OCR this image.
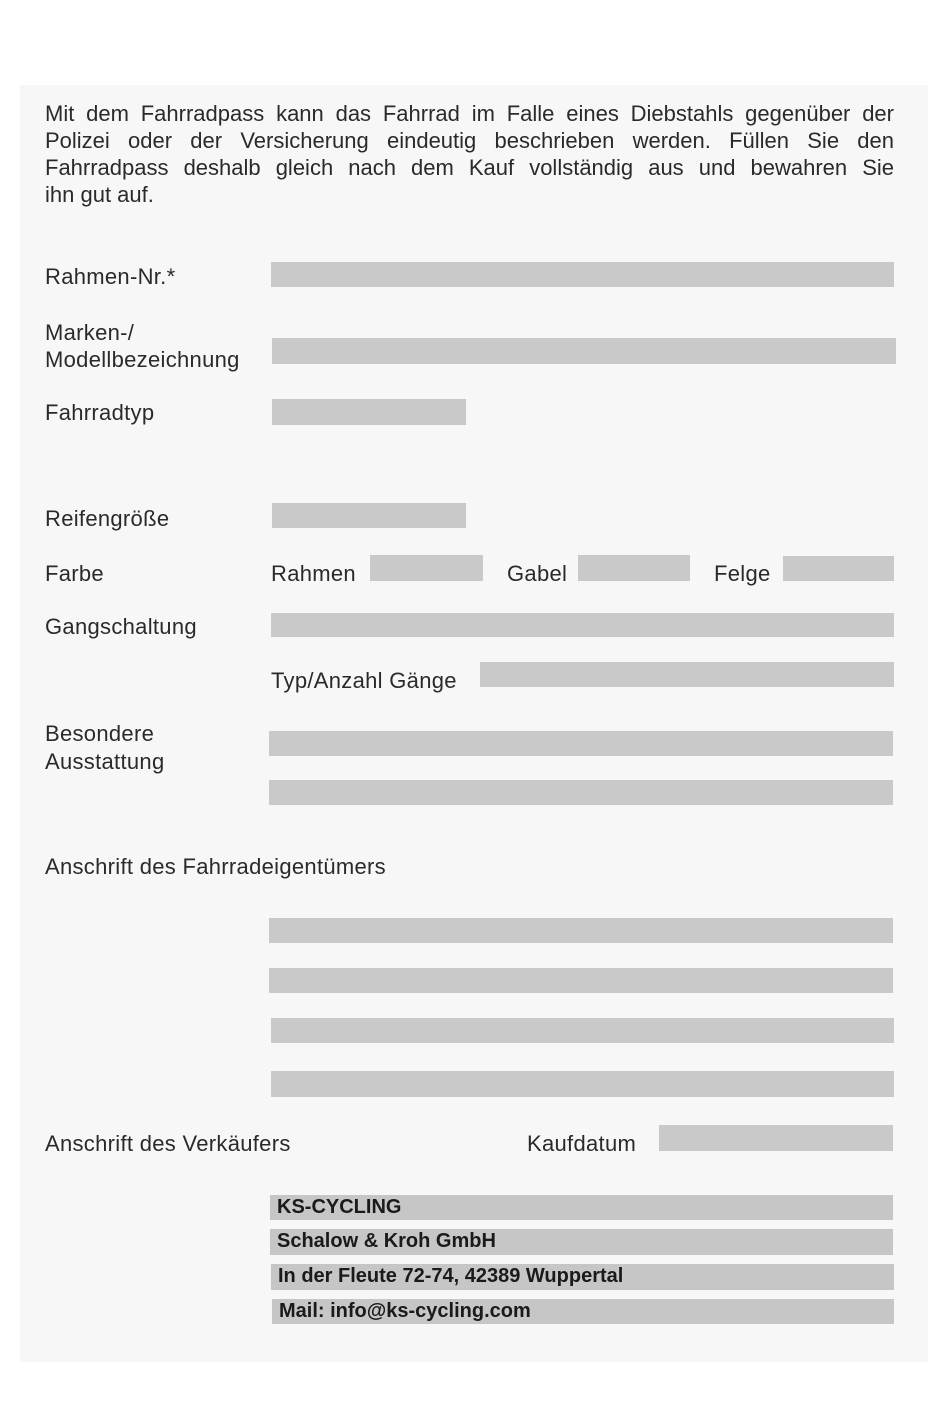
Mit dem Fahrradpass kann das Fahrrad im Falle eines Diebstahls gegenüber der
Polizei oder der Versicherung eindeutig beschrieben werden. Füllen Sie den
Fahrradpass deshalb gleich nach dem Kauf vollständig aus und bewahren Sie
ihn gut auf.
Rahmen-Nr.*
Marken-/
Modellbezeichnung
Fahrradtyp
Reifengröße
Farbe	Rahmen	Gabel	Felge
Gangschaltung
Typ/Anzahl Gänge
Besondere
Ausstattung
Anschrift des Fahrradeigentümers
Anschrift des Verkäufers	Kaufdatum
KS-CYCLING
Schalow & Kroh GmbH
In der Fleute 72-74, 42389 Wuppertal
Mail: info@ks-cycling.com
